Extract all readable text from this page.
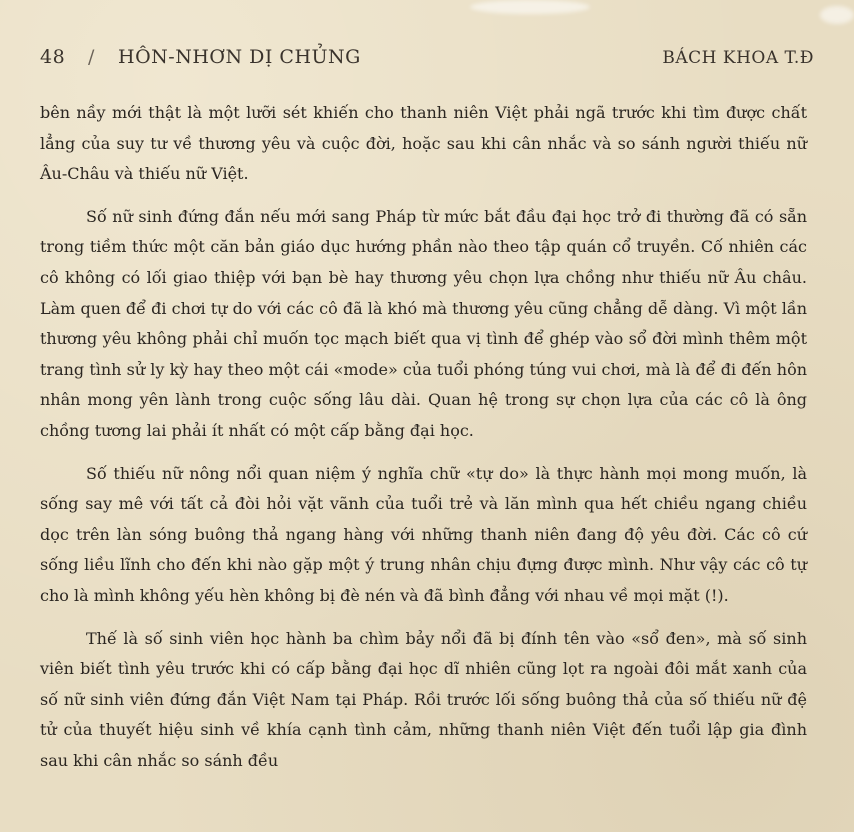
48 / HÔN-NHƠN DỊ CHỦNG	BÁCH KHOA T.Đ

bên nầy mới thật là một lưỡi sét khiến cho thanh niên Việt phải ngã trước khi tìm được chất lẳng của suy tư về thương yêu và cuộc đời, hoặc sau khi cân nhắc và so sánh người thiếu nữ Âu-Châu và thiếu nữ Việt.

Số nữ sinh đứng đắn nếu mới sang Pháp từ mức bắt đầu đại học trở đi thường đã có sẵn trong tiềm thức một căn bản giáo dục hướng phần nào theo tập quán cổ truyền. Cố nhiên các cô không có lối giao thiệp với bạn bè hay thương yêu chọn lựa chồng như thiếu nữ Âu châu. Làm quen để đi chơi tự do với các cô đã là khó mà thương yêu cũng chẳng dễ dàng. Vì một lần thương yêu không phải chỉ muốn tọc mạch biết qua vị tình để ghép vào sổ đời mình thêm một trang tình sử ly kỳ hay theo một cái «mode» của tuổi phóng túng vui chơi, mà là để đi đến hôn nhân mong yên lành trong cuộc sống lâu dài. Quan hệ trong sự chọn lựa của các cô là ông chồng tương lai phải ít nhất có một cấp bằng đại học.

Số thiếu nữ nông nổi quan niệm ý nghĩa chữ «tự do» là thực hành mọi mong muốn, là sống say mê với tất cả đòi hỏi vặt vãnh của tuổi trẻ và lăn mình qua hết chiều ngang chiều dọc trên làn sóng buông thả ngang hàng với những thanh niên đang độ yêu đời. Các cô cứ sống liều lĩnh cho đến khi nào gặp một ý trung nhân chịu đựng được mình. Như vậy các cô tự cho là mình không yếu hèn không bị đè nén và đã bình đẳng với nhau về mọi mặt (!).

Thế là số sinh viên học hành ba chìm bảy nổi đã bị đính tên vào «sổ đen», mà số sinh viên biết tình yêu trước khi có cấp bằng đại học dĩ nhiên cũng lọt ra ngoài đôi mắt xanh của số nữ sinh viên đứng đắn Việt Nam tại Pháp. Rồi trước lối sống buông thả của số thiếu nữ đệ tử của thuyết hiệu sinh về khía cạnh tình cảm, những thanh niên Việt đến tuổi lập gia đình sau khi cân nhắc so sánh đều
